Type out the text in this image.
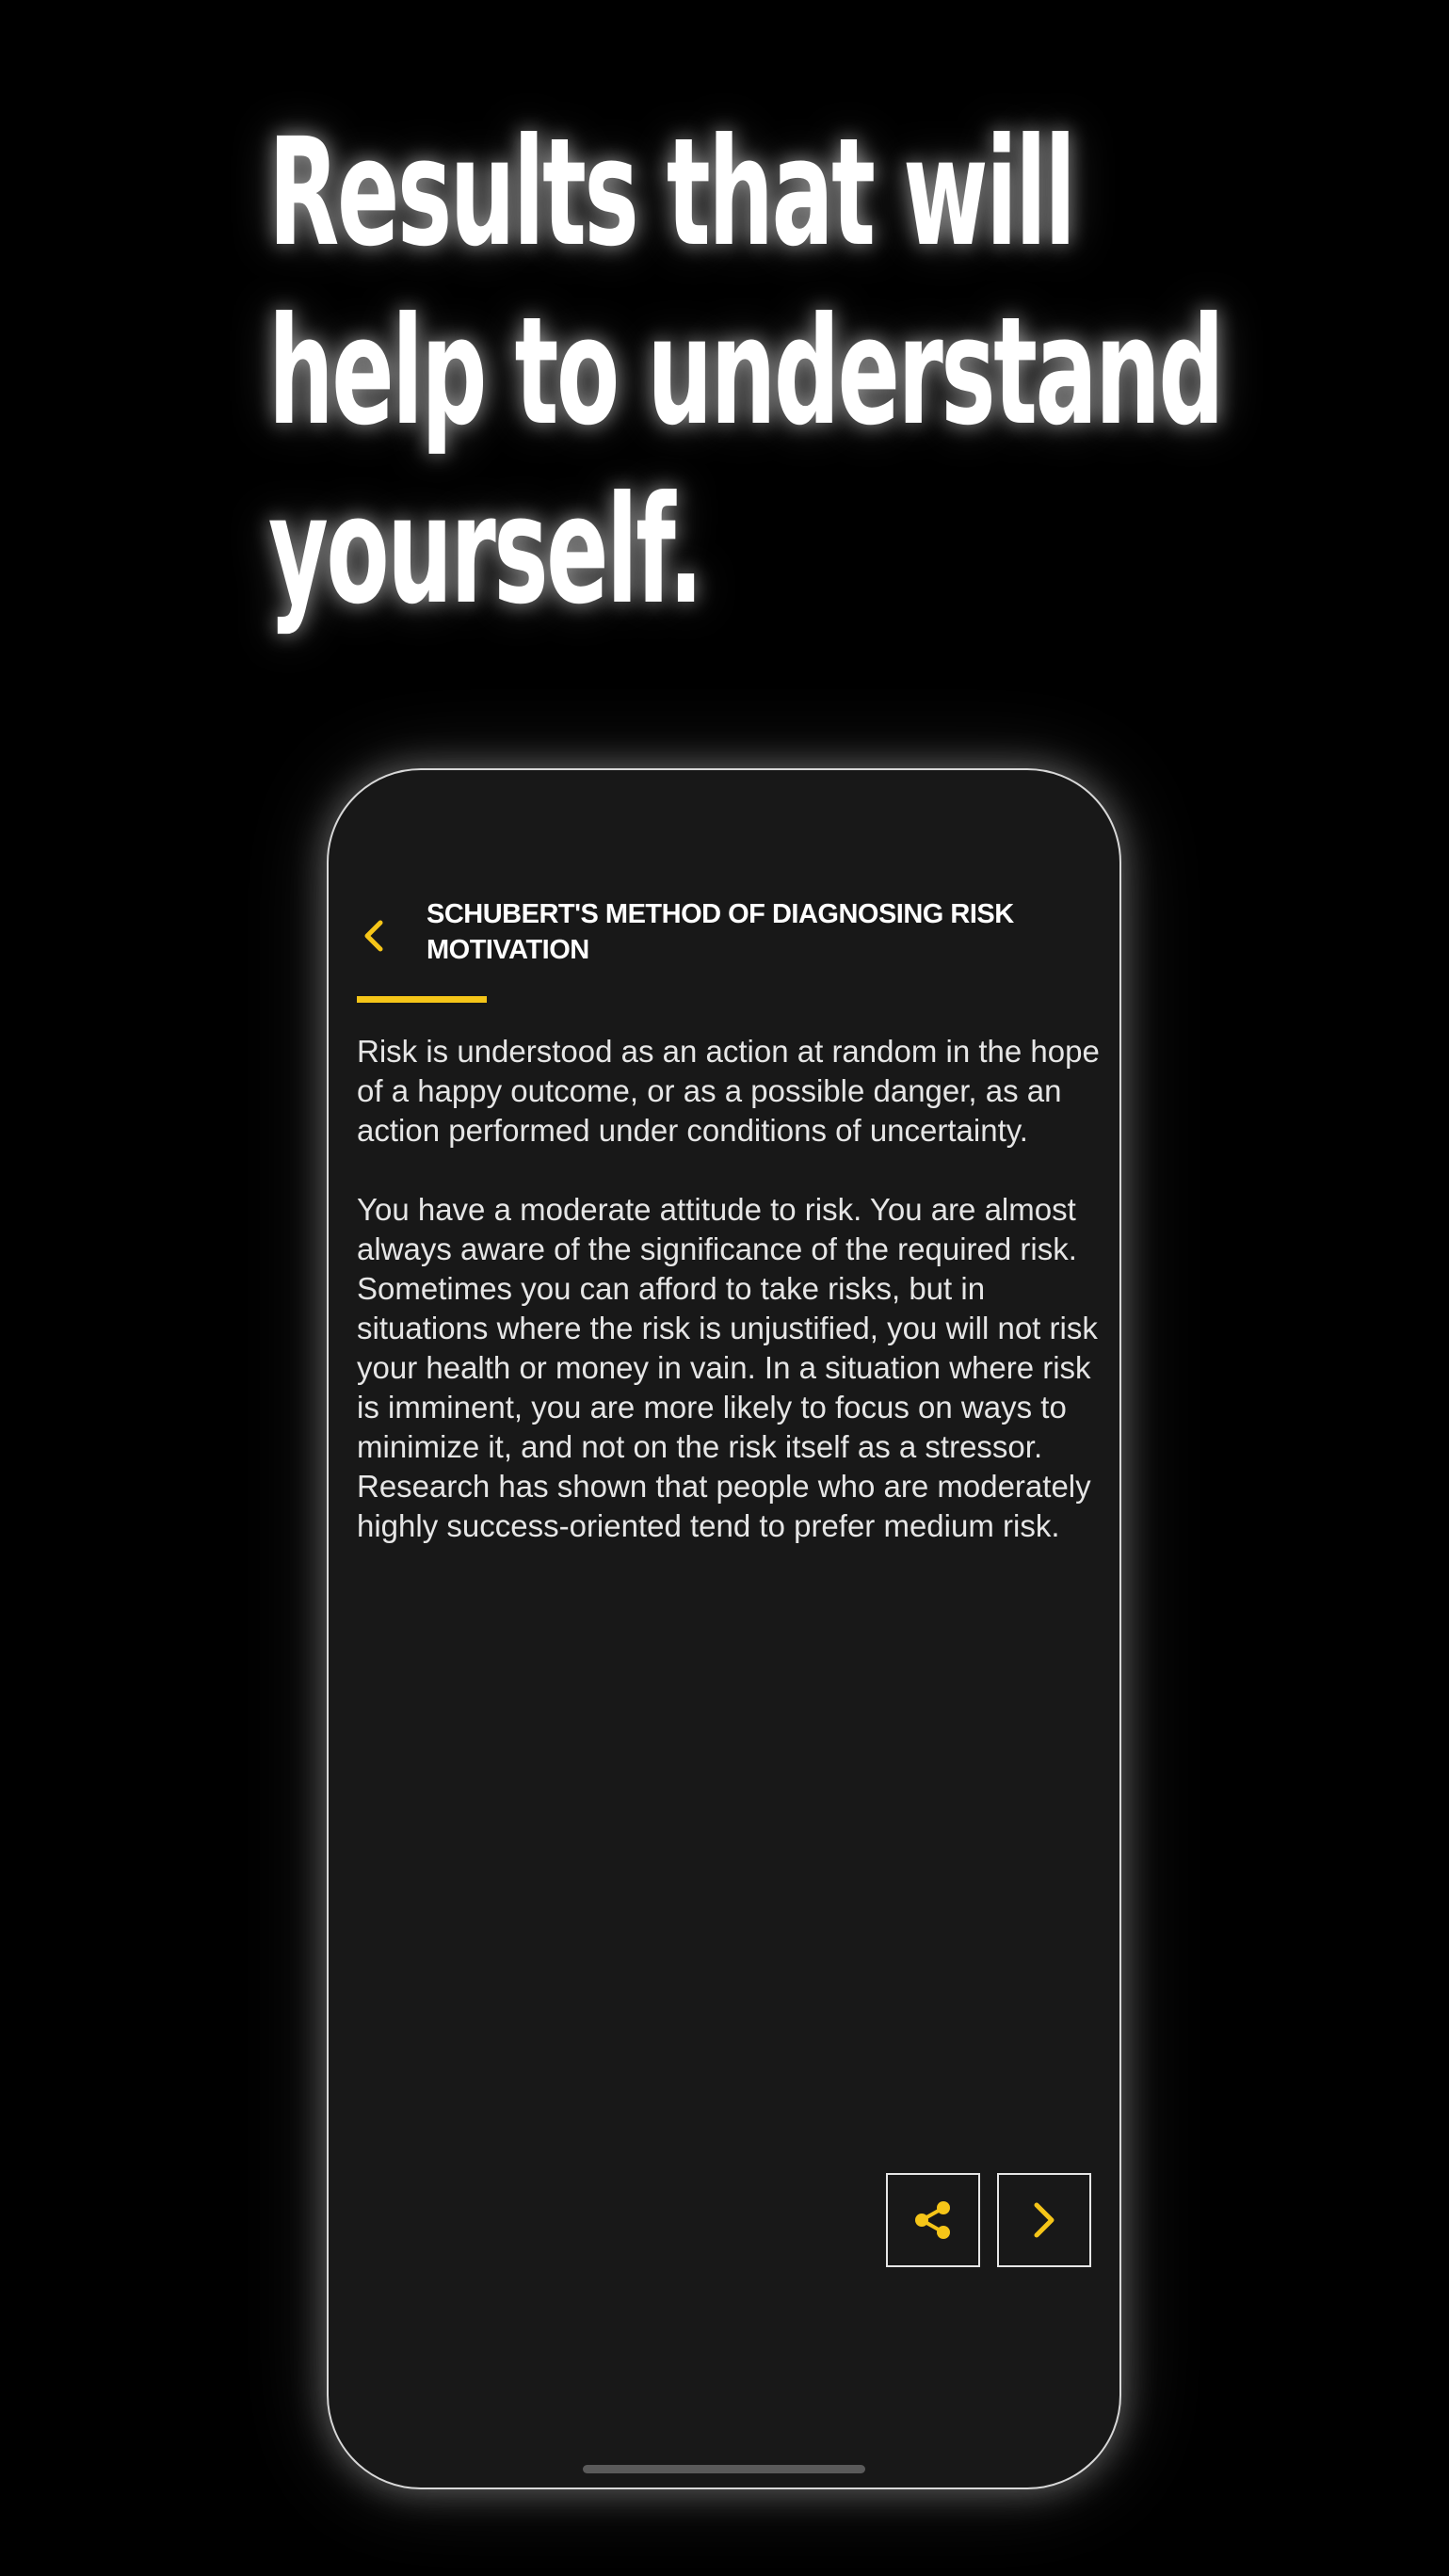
Results that will
help to understand
yourself.
SCHUBERT'S METHOD OF DIAGNOSING RISK MOTIVATION

Risk is understood as an action at random in the hope of a happy outcome, or as a possible danger, as an action performed under conditions of uncertainty.

You have a moderate attitude to risk. You are almost always aware of the significance of the required risk. Sometimes you can afford to take risks, but in situations where the risk is unjustified, you will not risk your health or money in vain. In a situation where risk is imminent, you are more likely to focus on ways to minimize it, and not on the risk itself as a stressor. Research has shown that people who are moderately highly success-oriented tend to prefer medium risk.
